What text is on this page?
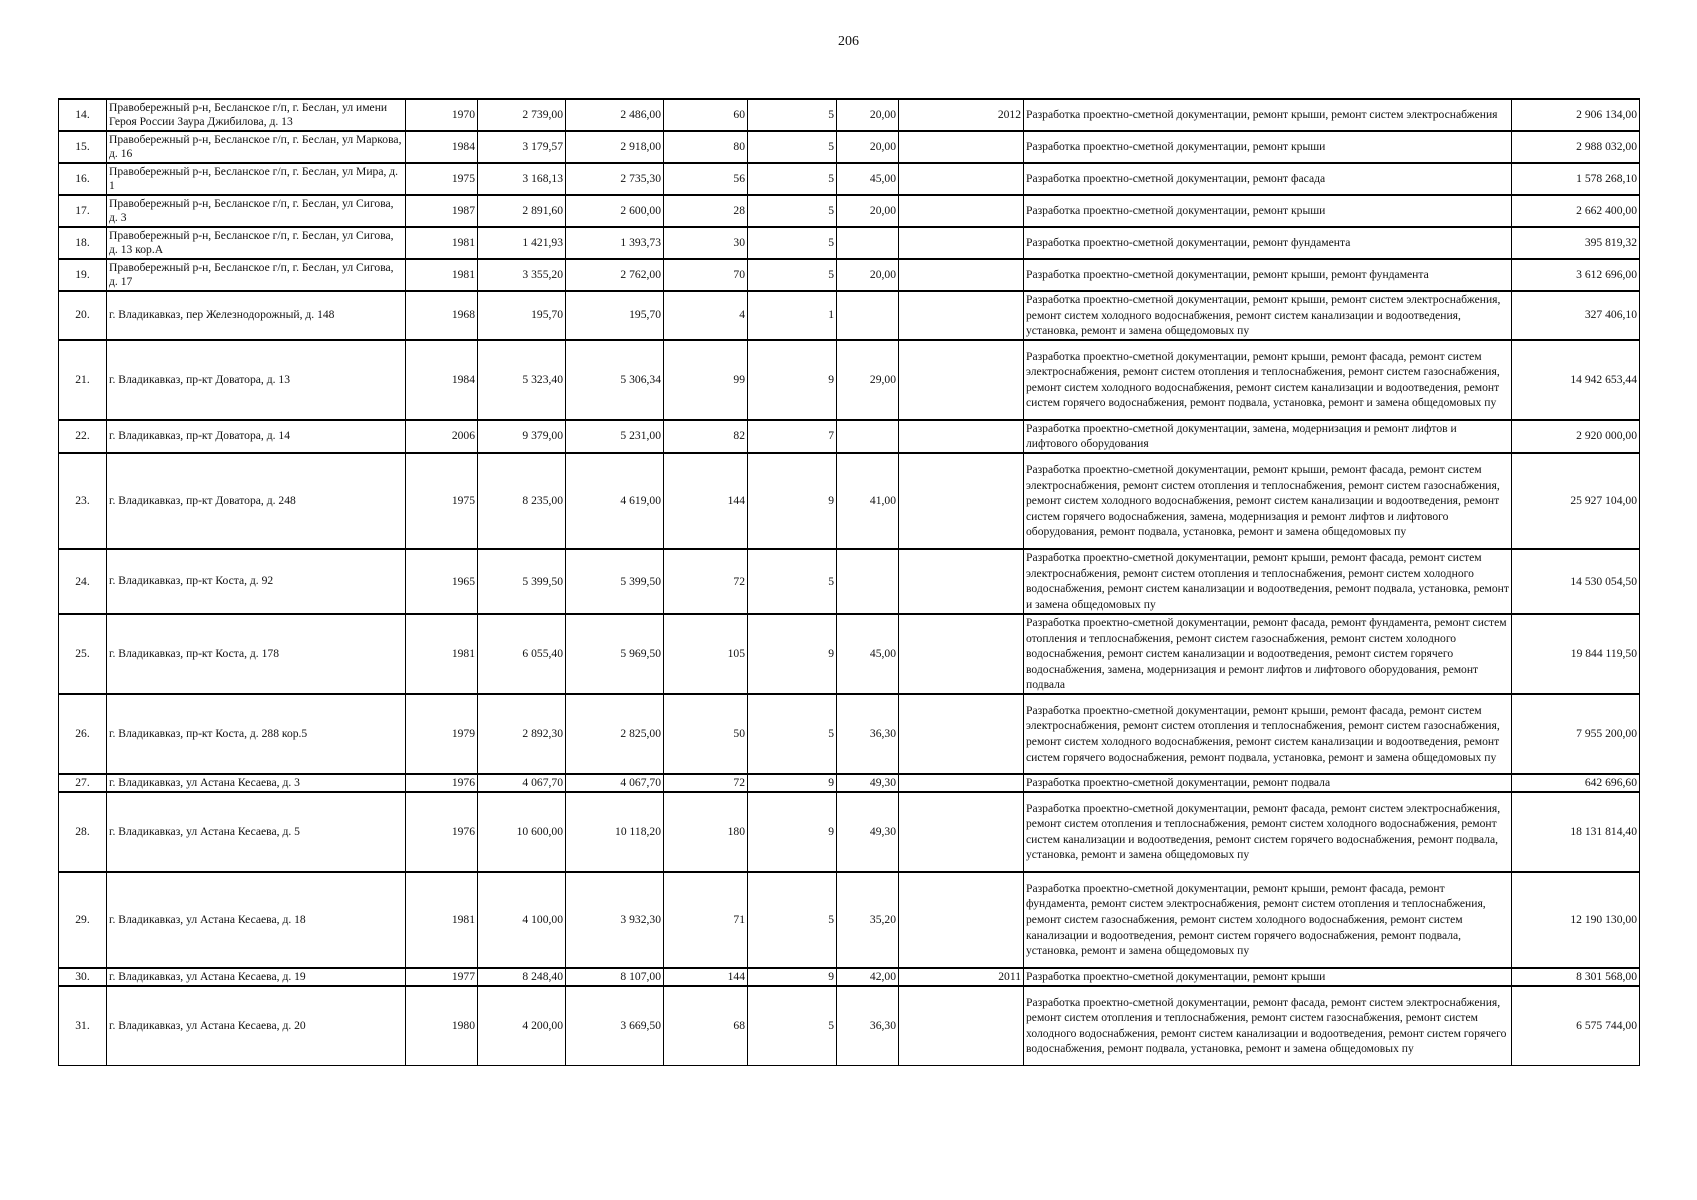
206
14.	Правобережный р-н, Бесланское г/п, г. Беслан, ул имени Героя России Заура Джибилова, д. 13	1970	2 739,00	2 486,00	60	5	20,00	2012	Разработка проектно-сметной документации, ремонт крыши, ремонт систем электроснабжения	2 906 134,00
15.	Правобережный р-н, Бесланское г/п, г. Беслан, ул Маркова, д. 16	1984	3 179,57	2 918,00	80	5	20,00		Разработка проектно-сметной документации, ремонт крыши	2 988 032,00
16.	Правобережный р-н, Бесланское г/п, г. Беслан, ул Мира, д. 1	1975	3 168,13	2 735,30	56	5	45,00		Разработка проектно-сметной документации, ремонт фасада	1 578 268,10
17.	Правобережный р-н, Бесланское г/п, г. Беслан, ул Сигова, д. 3	1987	2 891,60	2 600,00	28	5	20,00		Разработка проектно-сметной документации, ремонт крыши	2 662 400,00
18.	Правобережный р-н, Бесланское г/п, г. Беслан, ул Сигова, д. 13 кор.А	1981	1 421,93	1 393,73	30	5			Разработка проектно-сметной документации, ремонт фундамента	395 819,32
19.	Правобережный р-н, Бесланское г/п, г. Беслан, ул Сигова, д. 17	1981	3 355,20	2 762,00	70	5	20,00		Разработка проектно-сметной документации, ремонт крыши, ремонт фундамента	3 612 696,00
20.	г. Владикавказ, пер Железнодорожный, д. 148	1968	195,70	195,70	4	1			Разработка проектно-сметной документации, ремонт крыши, ремонт систем электроснабжения, ремонт систем холодного водоснабжения, ремонт систем канализации и водоотведения, установка, ремонт и замена общедомовых пу	327 406,10
21.	г. Владикавказ, пр-кт Доватора, д. 13	1984	5 323,40	5 306,34	99	9	29,00		Разработка проектно-сметной документации, ремонт крыши, ремонт фасада, ремонт систем электроснабжения, ремонт систем отопления и теплоснабжения, ремонт систем газоснабжения, ремонт систем холодного водоснабжения, ремонт систем канализации и водоотведения, ремонт систем горячего водоснабжения, ремонт подвала, установка, ремонт и замена общедомовых пу	14 942 653,44
22.	г. Владикавказ, пр-кт Доватора, д. 14	2006	9 379,00	5 231,00	82	7			Разработка проектно-сметной документации, замена, модернизация и ремонт лифтов и лифтового оборудования	2 920 000,00
23.	г. Владикавказ, пр-кт Доватора, д. 248	1975	8 235,00	4 619,00	144	9	41,00		Разработка проектно-сметной документации, ремонт крыши, ремонт фасада, ремонт систем электроснабжения, ремонт систем отопления и теплоснабжения, ремонт систем газоснабжения, ремонт систем холодного водоснабжения, ремонт систем канализации и водоотведения, ремонт систем горячего водоснабжения, замена, модернизация и ремонт лифтов и лифтового оборудования, ремонт подвала, установка, ремонт и замена общедомовых пу	25 927 104,00
24.	г. Владикавказ, пр-кт Коста, д. 92	1965	5 399,50	5 399,50	72	5			Разработка проектно-сметной документации, ремонт крыши, ремонт фасада, ремонт систем электроснабжения, ремонт систем отопления и теплоснабжения, ремонт систем холодного водоснабжения, ремонт систем канализации и водоотведения, ремонт подвала, установка, ремонт и замена общедомовых пу	14 530 054,50
25.	г. Владикавказ, пр-кт Коста, д. 178	1981	6 055,40	5 969,50	105	9	45,00		Разработка проектно-сметной документации, ремонт фасада, ремонт фундамента, ремонт систем отопления и теплоснабжения, ремонт систем газоснабжения, ремонт систем холодного водоснабжения, ремонт систем канализации и водоотведения, ремонт систем горячего водоснабжения, замена, модернизация и ремонт лифтов и лифтового оборудования, ремонт подвала	19 844 119,50
26.	г. Владикавказ, пр-кт Коста, д. 288 кор.5	1979	2 892,30	2 825,00	50	5	36,30		Разработка проектно-сметной документации, ремонт крыши, ремонт фасада, ремонт систем электроснабжения, ремонт систем отопления и теплоснабжения, ремонт систем газоснабжения, ремонт систем холодного водоснабжения, ремонт систем канализации и водоотведения, ремонт систем горячего водоснабжения, ремонт подвала, установка, ремонт и замена общедомовых пу	7 955 200,00
27.	г. Владикавказ, ул Астана Кесаева, д. 3	1976	4 067,70	4 067,70	72	9	49,30		Разработка проектно-сметной документации, ремонт подвала	642 696,60
28.	г. Владикавказ, ул Астана Кесаева, д. 5	1976	10 600,00	10 118,20	180	9	49,30		Разработка проектно-сметной документации, ремонт фасада, ремонт систем электроснабжения, ремонт систем отопления и теплоснабжения, ремонт систем холодного водоснабжения, ремонт систем канализации и водоотведения, ремонт систем горячего водоснабжения, ремонт подвала, установка, ремонт и замена общедомовых пу	18 131 814,40
29.	г. Владикавказ, ул Астана Кесаева, д. 18	1981	4 100,00	3 932,30	71	5	35,20		Разработка проектно-сметной документации, ремонт крыши, ремонт фасада, ремонт фундамента, ремонт систем электроснабжения, ремонт систем отопления и теплоснабжения, ремонт систем газоснабжения, ремонт систем холодного водоснабжения, ремонт систем канализации и водоотведения, ремонт систем горячего водоснабжения, ремонт подвала, установка, ремонт и замена общедомовых пу	12 190 130,00
30.	г. Владикавказ, ул Астана Кесаева, д. 19	1977	8 248,40	8 107,00	144	9	42,00	2011	Разработка проектно-сметной документации, ремонт крыши	8 301 568,00
31.	г. Владикавказ, ул Астана Кесаева, д. 20	1980	4 200,00	3 669,50	68	5	36,30		Разработка проектно-сметной документации, ремонт фасада, ремонт систем электроснабжения, ремонт систем отопления и теплоснабжения, ремонт систем газоснабжения, ремонт систем холодного водоснабжения, ремонт систем канализации и водоотведения, ремонт систем горячего водоснабжения, ремонт подвала, установка, ремонт и замена общедомовых пу	6 575 744,00
